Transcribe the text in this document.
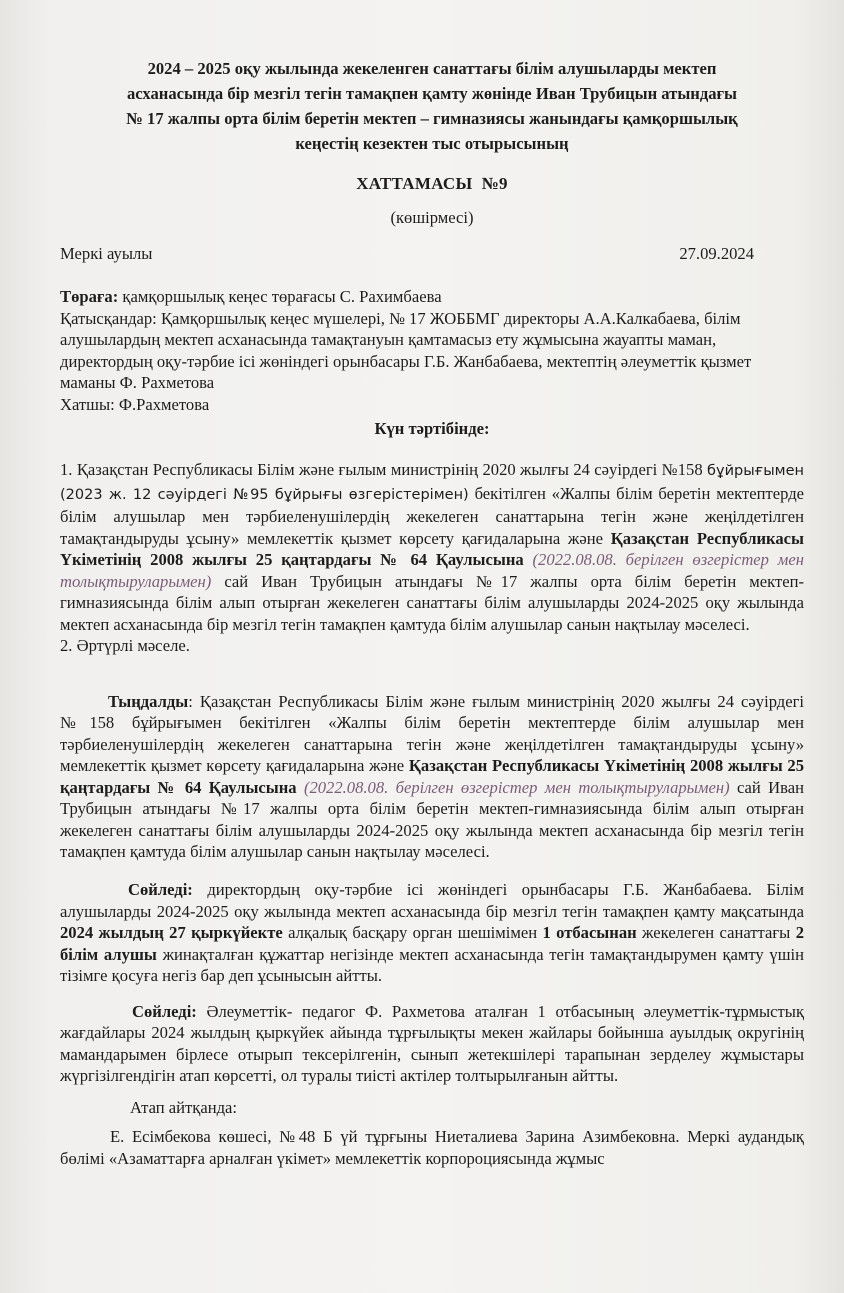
2024 – 2025 оқу жылында жекеленген санаттағы білім алушыларды мектеп
асханасында бір мезгіл тегін тамақпен қамту жөнінде Иван Трубицын атындағы
№ 17 жалпы орта білім беретін мектеп – гимназиясы жанындағы қамқоршылық
кеңестің кезектен тыс отырысының
ХАТТАМАСЫ  №9
(көшірмесі)
Меркі ауылы	27.09.2024

Төраға: қамқоршылық кеңес төрағасы С. Рахимбаева

Қатысқандар: Қамқоршылық кеңес мүшелері, № 17 ЖОББМГ директоры А.А.Калкабаева, білім алушылардың мектеп асханасында тамақтануын қамтамасыз ету жұмысына жауапты маман, директордың оқу-тәрбие ісі жөніндегі орынбасары Г.Б. Жанбабаева, мектептің әлеуметтік қызмет маманы Ф. Рахметова

Хатшы: Ф.Рахметова

Күн тәртібінде:

1. Қазақстан Республикасы Білім және ғылым министрінің 2020 жылғы 24 сәуірдегі №158 бұйрығымен (2023 ж. 12 сәуірдегі №95 бұйрығы өзгерістерімен) бекітілген «Жалпы білім беретін мектептерде білім алушылар мен тәрбиеленушілердің жекелеген санаттарына тегін және жеңілдетілген тамақтандыруды ұсыну» мемлекеттік қызмет көрсету қағидаларына және Қазақстан Республикасы Үкіметінің 2008 жылғы 25 қаңтардағы № 64 Қаулысына (2022.08.08. берілген өзгерістер мен толықтыруларымен) сай Иван Трубицын атындағы №17 жалпы орта білім беретін мектеп-гимназиясында білім алып отырған жекелеген санаттағы білім алушыларды 2024-2025 оқу жылында мектеп асханасында бір мезгіл тегін тамақпен қамтуда білім алушылар санын нақтылау мәселесі.

2. Әртүрлі мәселе.

Тыңдалды: Қазақстан Республикасы Білім және ғылым министрінің 2020 жылғы 24 сәуірдегі №158 бұйрығымен бекітілген «Жалпы білім беретін мектептерде білім алушылар мен тәрбиеленушілердің жекелеген санаттарына тегін және жеңілдетілген тамақтандыруды ұсыну» мемлекеттік қызмет көрсету қағидаларына және Қазақстан Республикасы Үкіметінің 2008 жылғы 25 қаңтардағы № 64 Қаулысына (2022.08.08. берілген өзгерістер мен толықтыруларымен) сай Иван Трубицын атындағы №17 жалпы орта білім беретін мектеп-гимназиясында білім алып отырған жекелеген санаттағы білім алушыларды 2024-2025 оқу жылында мектеп асханасында бір мезгіл тегін тамақпен қамтуда білім алушылар санын нақтылау мәселесі.

Сөйледі: директордың оқу-тәрбие ісі жөніндегі орынбасары Г.Б. Жанбабаева. Білім алушыларды 2024-2025 оқу жылында мектеп асханасында бір мезгіл тегін тамақпен қамту мақсатында 2024 жылдың 27 қыркүйекте алқалық басқару орган шешімімен 1 отбасынан жекелеген санаттағы 2 білім алушы жинақталған құжаттар негізінде мектеп асханасында тегін тамақтандырумен қамту үшін тізімге қосуға негіз бар деп ұсынысын айтты.

Сөйледі: Әлеуметтік- педагог Ф. Рахметова аталған 1 отбасының әлеуметтік-тұрмыстық жағдайлары 2024 жылдың қыркүйек айында тұрғылықты мекен жайлары бойынша ауылдық округінің мамандарымен бірлесе отырып тексерілгенін, сынып жетекшілері тарапынан зерделеу жұмыстары жүргізілгендігін атап көрсетті, ол туралы тиісті актілер толтырылғанын айтты.

Атап айтқанда:

Е. Есімбекова көшесі, №48 Б үй тұрғыны Ниеталиева Зарина Азимбековна. Меркі аудандық бөлімі «Азаматтарға арналған үкімет» мемлекеттік корпороциясында жұмыс
